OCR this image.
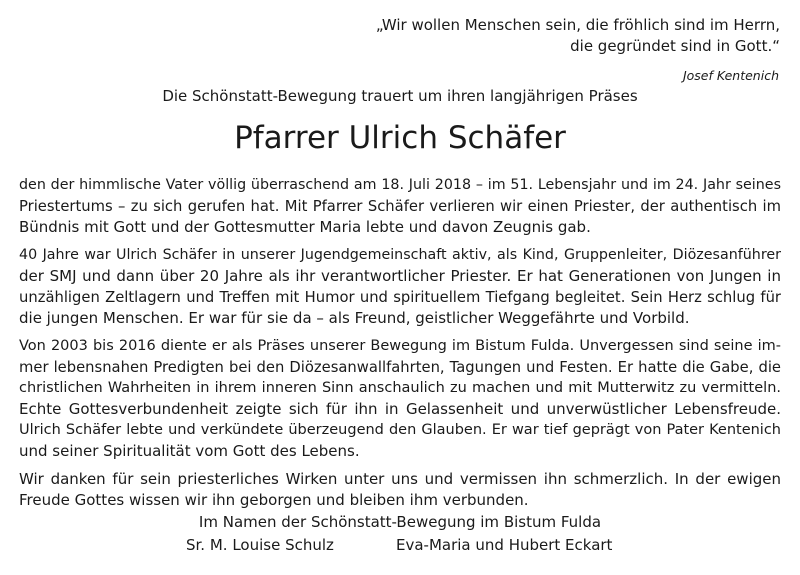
„Wir wollen Menschen sein, die fröhlich sind im Herrn,
die gegründet sind in Gott.“
Josef Kentenich
Die Schönstatt-Bewegung trauert um ihren langjährigen Präses
Pfarrer Ulrich Schäfer

den der himmlische Vater völlig überraschend am 18. Juli 2018 – im 51. Lebensjahr und im 24. Jahr seines
Priestertums – zu sich gerufen hat. Mit Pfarrer Schäfer verlieren wir einen Priester, der authentisch im
Bündnis mit Gott und der Gottesmutter Maria lebte und davon Zeugnis gab.

40 Jahre war Ulrich Schäfer in unserer Jugendgemeinschaft aktiv, als Kind, Gruppenleiter, Diözesanführer
der SMJ und dann über 20 Jahre als ihr verantwortlicher Priester. Er hat Generationen von Jungen in
unzähligen Zeltlagern und Treffen mit Humor und spirituellem Tiefgang begleitet. Sein Herz schlug für
die jungen Menschen. Er war für sie da – als Freund, geistlicher Weggefährte und Vorbild.

Von 2003 bis 2016 diente er als Präses unserer Bewegung im Bistum Fulda. Unvergessen sind seine im-
mer lebensnahen Predigten bei den Diözesanwallfahrten, Tagungen und Festen. Er hatte die Gabe, die
christlichen Wahrheiten in ihrem inneren Sinn anschaulich zu machen und mit Mutterwitz zu vermitteln.
Echte Gottesverbundenheit zeigte sich für ihn in Gelassenheit und unverwüstlicher Lebensfreude.
Ulrich Schäfer lebte und verkündete überzeugend den Glauben. Er war tief geprägt von Pater Kentenich
und seiner Spiritualität vom Gott des Lebens.

Wir danken für sein priesterliches Wirken unter uns und vermissen ihn schmerzlich. In der ewigen
Freude Gottes wissen wir ihn geborgen und bleiben ihm verbunden.

Im Namen der Schönstatt-Bewegung im Bistum Fulda
Sr. M. Louise Schulz	Eva-Maria und Hubert Eckart
